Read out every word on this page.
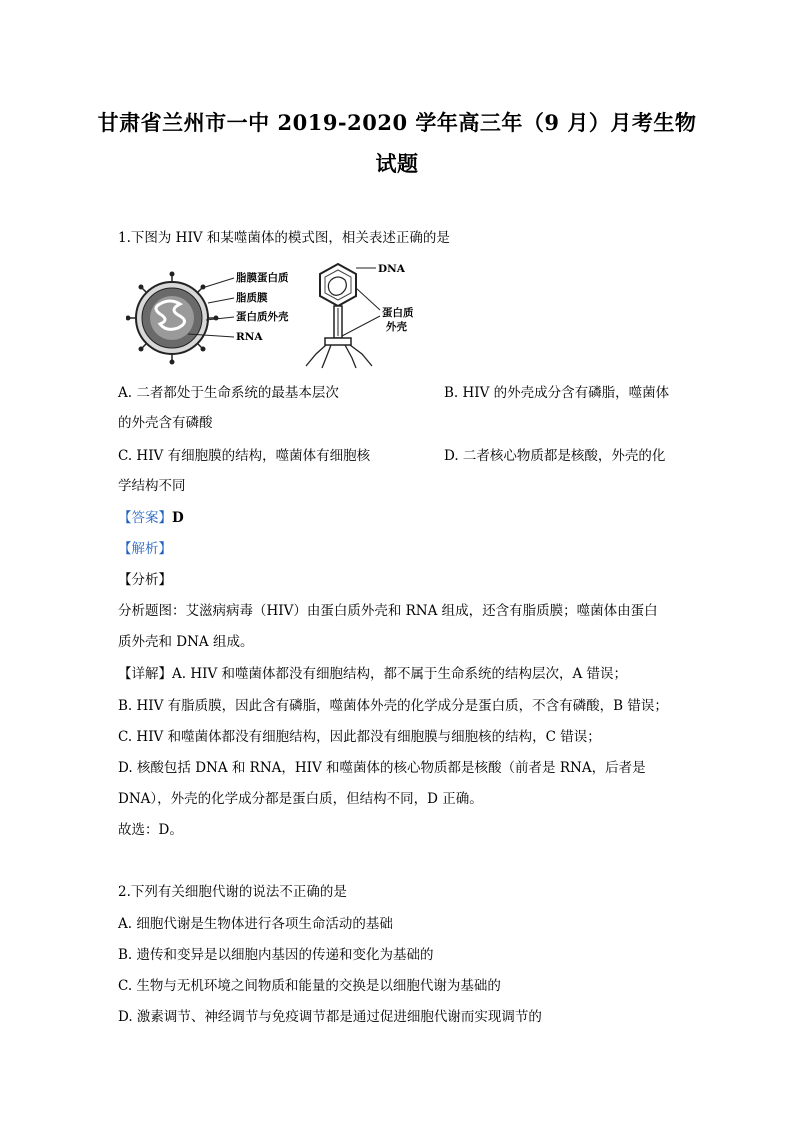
甘肃省兰州市一中 2019-2020 学年高三年（9 月）月考生物
试题
1.下图为 HIV 和某噬菌体的模式图，相关表述正确的是
脂膜蛋白质
脂质膜
蛋白质外壳
RNA
DNA
蛋白质
外壳
A. 二者都处于生命系统的最基本层次	B. HIV 的外壳成分含有磷脂，噬菌体
的外壳含有磷酸
C. HIV 有细胞膜的结构，噬菌体有细胞核	D. 二者核心物质都是核酸，外壳的化
学结构不同
【答案】D
【解析】
【分析】
分析题图：艾滋病病毒（HIV）由蛋白质外壳和 RNA 组成，还含有脂质膜；噬菌体由蛋白
质外壳和 DNA 组成。
【详解】A. HIV 和噬菌体都没有细胞结构，都不属于生命系统的结构层次，A 错误；
B. HIV 有脂质膜，因此含有磷脂，噬菌体外壳的化学成分是蛋白质，不含有磷酸，B 错误；
C. HIV 和噬菌体都没有细胞结构，因此都没有细胞膜与细胞核的结构，C 错误；
D. 核酸包括 DNA 和 RNA，HIV 和噬菌体的核心物质都是核酸（前者是 RNA，后者是
DNA），外壳的化学成分都是蛋白质，但结构不同，D 正确。
故选：D。
2.下列有关细胞代谢的说法不正确的是
A. 细胞代谢是生物体进行各项生命活动的基础
B. 遗传和变异是以细胞内基因的传递和变化为基础的
C. 生物与无机环境之间物质和能量的交换是以细胞代谢为基础的
D. 激素调节、神经调节与免疫调节都是通过促进细胞代谢而实现调节的
